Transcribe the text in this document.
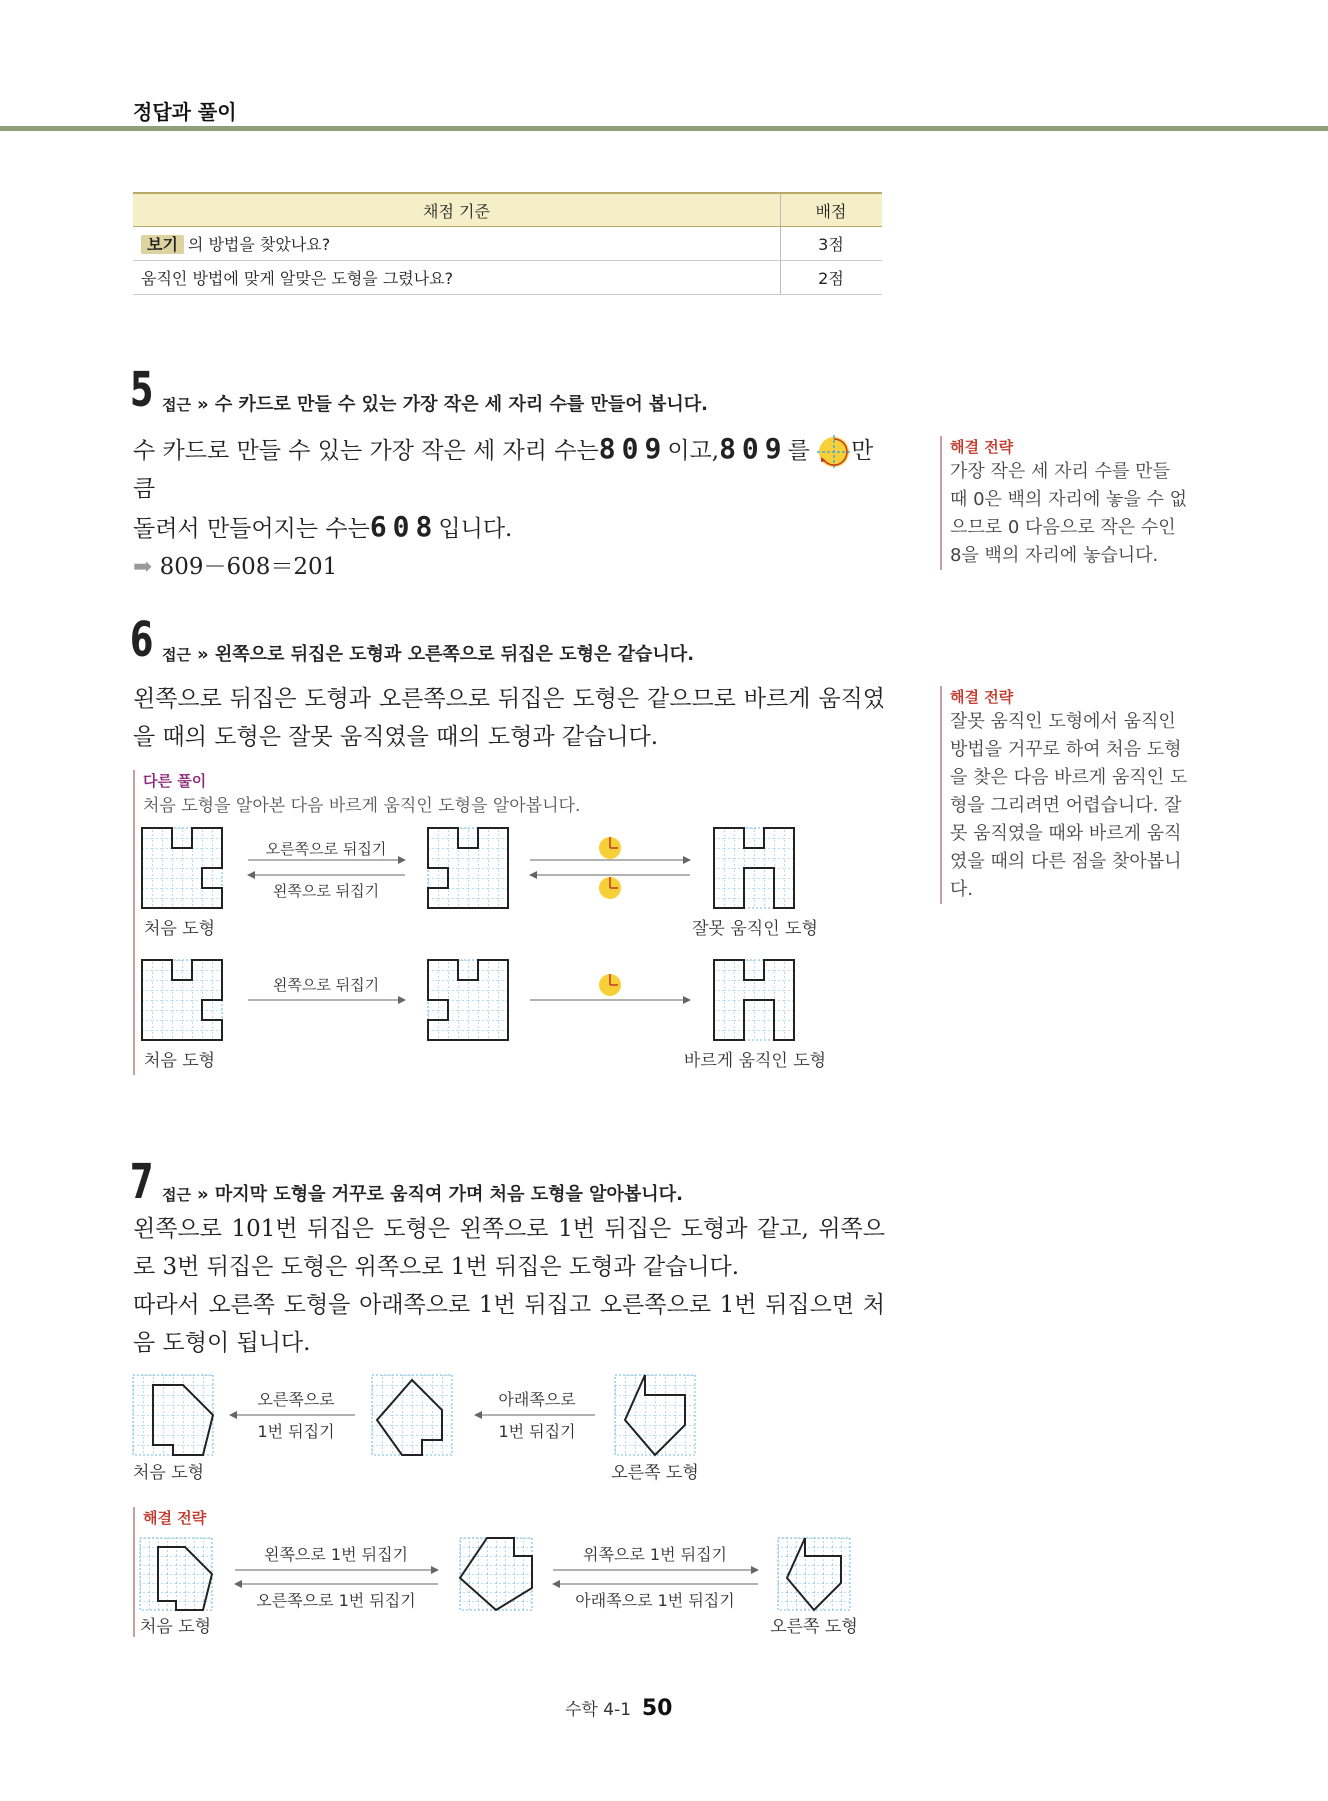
정답과 풀이
채점 기준	배점
보기 의 방법을 찾았나요?	3점
움직인 방법에 맞게 알맞은 도형을 그렸나요?	2점
5 접근 » 수 카드로 만들 수 있는 가장 작은 세 자리 수를 만들어 봅니다.
수 카드로 만들 수 있는 가장 작은 세 자리 수는809이고,809를 만큼
돌려서 만들어지는 수는608입니다.
➡ 809－608＝201
해결 전략
가장 작은 세 자리 수를 만들 때 0은 백의 자리에 놓을 수 없으므로 0 다음으로 작은 수인 8을 백의 자리에 놓습니다.
6 접근 » 왼쪽으로 뒤집은 도형과 오른쪽으로 뒤집은 도형은 같습니다.
왼쪽으로 뒤집은 도형과 오른쪽으로 뒤집은 도형은 같으므로 바르게 움직였을 때의 도형은 잘못 움직였을 때의 도형과 같습니다.
해결 전략
잘못 움직인 도형에서 움직인 방법을 거꾸로 하여 처음 도형을 찾은 다음 바르게 움직인 도형을 그리려면 어렵습니다. 잘못 움직였을 때와 바르게 움직였을 때의 다른 점을 찾아봅니다.
다른 풀이
처음 도형을 알아본 다음 바르게 움직인 도형을 알아봅니다.
오른쪽으로 뒤집기
왼쪽으로 뒤집기
처음 도형	잘못 움직인 도형
왼쪽으로 뒤집기
처음 도형	바르게 움직인 도형
7 접근 » 마지막 도형을 거꾸로 움직여 가며 처음 도형을 알아봅니다.
왼쪽으로 101번 뒤집은 도형은 왼쪽으로 1번 뒤집은 도형과 같고, 위쪽으로 3번 뒤집은 도형은 위쪽으로 1번 뒤집은 도형과 같습니다.
따라서 오른쪽 도형을 아래쪽으로 1번 뒤집고 오른쪽으로 1번 뒤집으면 처음 도형이 됩니다.
오른쪽으로
1번 뒤집기
아래쪽으로
1번 뒤집기
처음 도형	오른쪽 도형
해결 전략
왼쪽으로 1번 뒤집기
오른쪽으로 1번 뒤집기
위쪽으로 1번 뒤집기
아래쪽으로 1번 뒤집기
처음 도형	오른쪽 도형
수학 4-1 50
